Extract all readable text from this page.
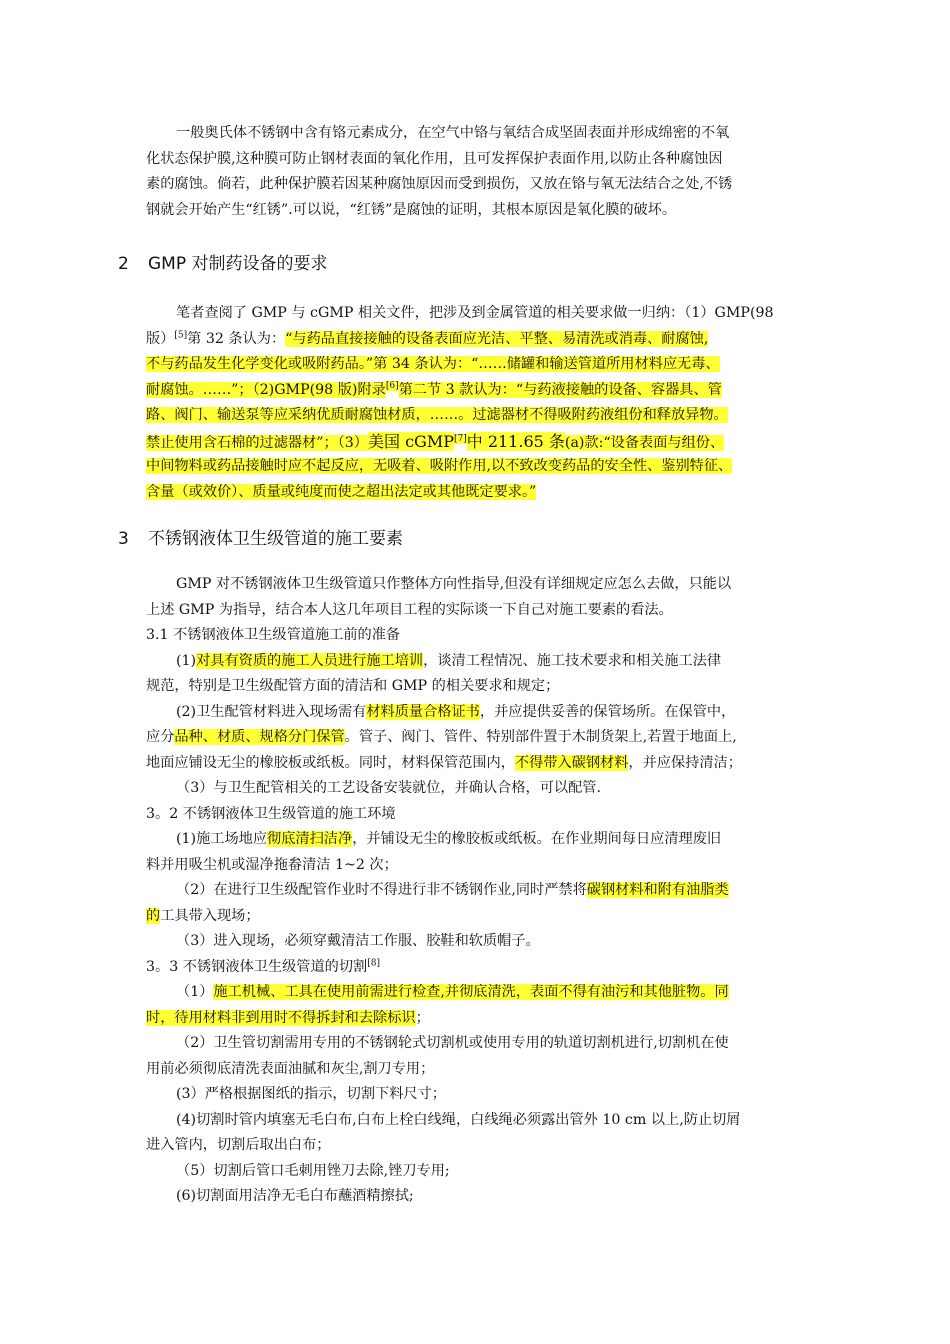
一般奥氏体不锈钢中含有铬元素成分，在空气中铬与氧结合成坚固表面并形成绵密的不氧
化状态保护膜,这种膜可防止钢材表面的氧化作用，且可发挥保护表面作用,以防止各种腐蚀因
素的腐蚀。倘若，此种保护膜若因某种腐蚀原因而受到损伤，又放在铬与氧无法结合之处,不锈
钢就会开始产生“红锈”.可以说，“红锈”是腐蚀的证明，其根本原因是氧化膜的破坏。
2 GMP 对制药设备的要求
笔者查阅了 GMP 与 cGMP 相关文件，把涉及到金属管道的相关要求做一归纳：（1）GMP(98
版）[5]第 32 条认为：“与药品直接接触的设备表面应光洁、平整、易清洗或消毒、耐腐蚀,
不与药品发生化学变化或吸附药品。”第 34 条认为：“……储罐和输送管道所用材料应无毒、
耐腐蚀。……”；（2)GMP(98 版)附录[6]第二节 3 款认为：“与药液接触的设备、容器具、管
路、阀门、输送泵等应采纳优质耐腐蚀材质，……。过滤器材不得吸附药液组份和释放异物。
禁止使用含石棉的过滤器材”；（3）美国 cGMP[7]中 211.65 条(a)款:“设备表面与组份、
中间物料或药品接触时应不起反应，无吸着、吸附作用,以不致改变药品的安全性、鉴别特征、
含量（或效价）、质量或纯度而使之超出法定或其他既定要求。”
3 不锈钢液体卫生级管道的施工要素
GMP 对不锈钢液体卫生级管道只作整体方向性指导,但没有详细规定应怎么去做，只能以
上述 GMP 为指导，结合本人这几年项目工程的实际谈一下自己对施工要素的看法。
3.1 不锈钢液体卫生级管道施工前的准备
(1)对具有资质的施工人员进行施工培训，谈清工程情况、施工技术要求和相关施工法律
规范，特别是卫生级配管方面的清洁和 GMP 的相关要求和规定；
(2)卫生配管材料进入现场需有材料质量合格证书，并应提供妥善的保管场所。在保管中，
应分品种、材质、规格分门保管。管子、阀门、管件、特别部件置于木制货架上,若置于地面上,
地面应铺设无尘的橡胶板或纸板。同时，材料保管范围内，不得带入碳钢材料，并应保持清洁；
（3）与卫生配管相关的工艺设备安装就位，并确认合格，可以配管.
3。2 不锈钢液体卫生级管道的施工环境
(1)施工场地应彻底清扫洁净，并铺设无尘的橡胶板或纸板。在作业期间每日应清理废旧
料并用吸尘机或湿净拖畚清洁 1~2 次；
（2）在进行卫生级配管作业时不得进行非不锈钢作业,同时严禁将碳钢材料和附有油脂类
的工具带入现场；
（3）进入现场，必须穿戴清洁工作服、胶鞋和软质帽子。
3。3 不锈钢液体卫生级管道的切割[8]
（1）施工机械、工具在使用前需进行检查,并彻底清洗，表面不得有油污和其他脏物。同
时，待用材料非到用时不得拆封和去除标识；
（2）卫生管切割需用专用的不锈钢轮式切割机或使用专用的轨道切割机进行,切割机在使
用前必须彻底清洗表面油腻和灰尘,割刀专用；
(3）严格根据图纸的指示，切割下料尺寸；
(4)切割时管内填塞无毛白布,白布上栓白线绳，白线绳必须露出管外 10 cm 以上,防止切屑
进入管内，切割后取出白布；
（5）切割后管口毛刺用锉刀去除,锉刀专用;
(6)切割面用洁净无毛白布蘸酒精擦拭;
